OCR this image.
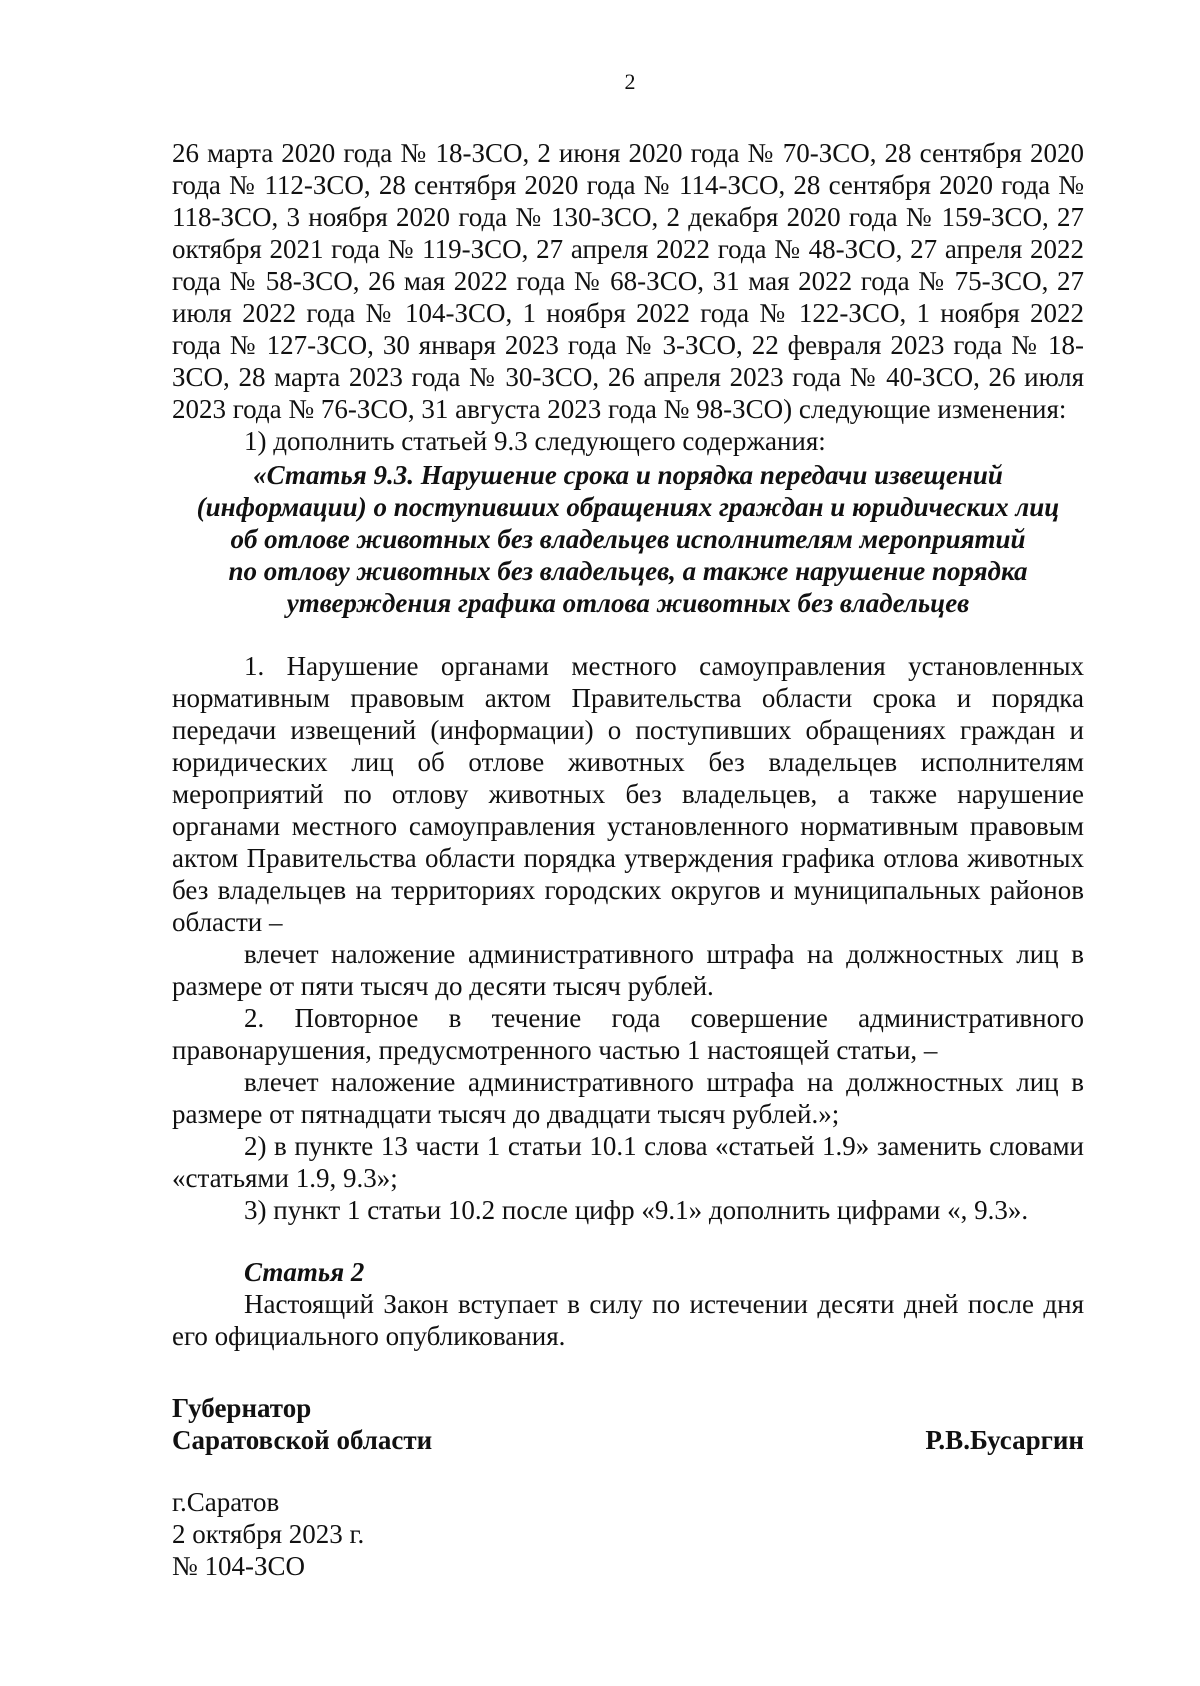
2

26 марта 2020 года № 18-ЗСО, 2 июня 2020 года № 70-ЗСО, 28 сентября 2020 года № 112-ЗСО, 28 сентября 2020 года № 114-ЗСО, 28 сентября 2020 года № 118-ЗСО, 3 ноября 2020 года № 130-ЗСО, 2 декабря 2020 года № 159-ЗСО, 27 октября 2021 года № 119-ЗСО, 27 апреля 2022 года № 48-ЗСО, 27 апреля 2022 года № 58-ЗСО, 26 мая 2022 года № 68-ЗСО, 31 мая 2022 года № 75-ЗСО, 27 июля 2022 года № 104-ЗСО, 1 ноября 2022 года № 122-ЗСО, 1 ноября 2022 года № 127-ЗСО, 30 января 2023 года № 3-ЗСО, 22 февраля 2023 года № 18-ЗСО, 28 марта 2023 года № 30-ЗСО, 26 апреля 2023 года № 40-ЗСО, 26 июля 2023 года № 76-ЗСО, 31 августа 2023 года № 98-ЗСО) следующие изменения:

1) дополнить статьей 9.3 следующего содержания:

«Статья 9.3. Нарушение срока и порядка передачи извещений
(информации) о поступивших обращениях граждан и юридических лиц
об отлове животных без владельцев исполнителям мероприятий
по отлову животных без владельцев, а также нарушение порядка
утверждения графика отлова животных без владельцев

1. Нарушение органами местного самоуправления установленных нормативным правовым актом Правительства области срока и порядка передачи извещений (информации) о поступивших обращениях граждан и юридических лиц об отлове животных без владельцев исполнителям мероприятий по отлову животных без владельцев, а также нарушение органами местного самоуправления установленного нормативным правовым актом Правительства области порядка утверждения графика отлова животных без владельцев на территориях городских округов и муниципальных районов области –

влечет наложение административного штрафа на должностных лиц в размере от пяти тысяч до десяти тысяч рублей.

2. Повторное в течение года совершение административного правонарушения, предусмотренного частью 1 настоящей статьи, –

влечет наложение административного штрафа на должностных лиц в размере от пятнадцати тысяч до двадцати тысяч рублей.»;

2) в пункте 13 части 1 статьи 10.1 слова «статьей 1.9» заменить словами «статьями 1.9, 9.3»;

3) пункт 1 статьи 10.2 после цифр «9.1» дополнить цифрами «, 9.3».

Статья 2

Настоящий Закон вступает в силу по истечении десяти дней после дня его официального опубликования.

Губернатор
Саратовской области	Р.В.Бусаргин
г.Саратов
2 октября 2023 г.
№ 104-ЗСО
